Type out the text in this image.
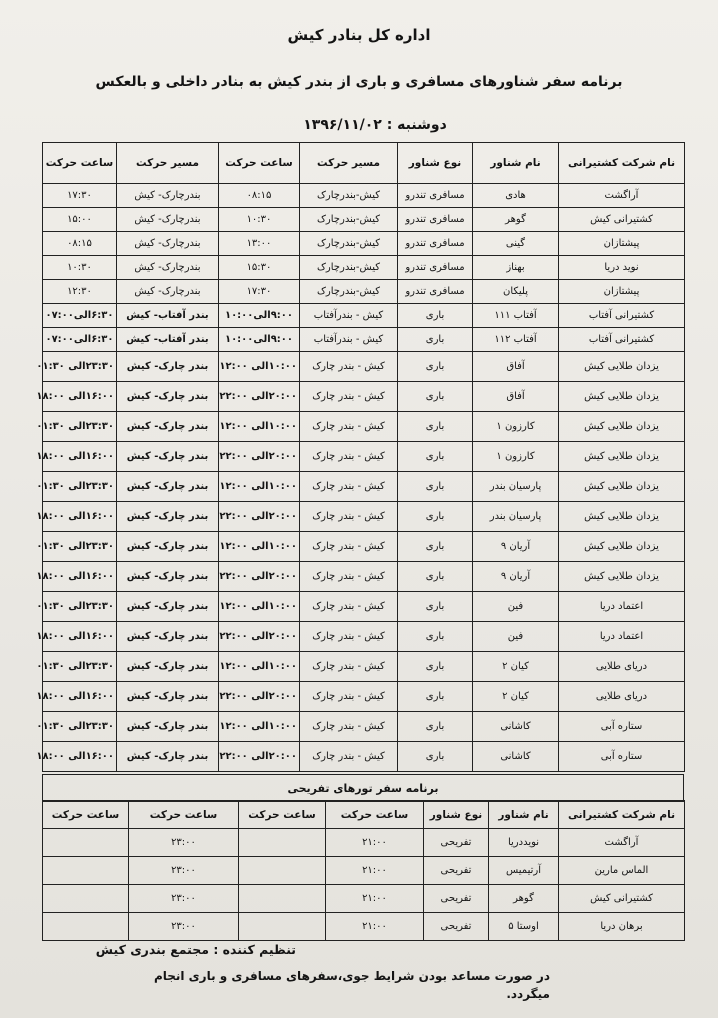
اداره کل بنادر کیش
برنامه سفر شناورهای مسافری و باری از بندر کیش به بنادر داخلی و بالعکس
دوشنبه : ۱۳۹۶/۱۱/۰۲
نام شرکت کشتیرانی	نام شناور	نوع شناور	مسیر حرکت	ساعت حرکت	مسیر حرکت	ساعت حرکت
آراگشت	هادی	مسافری تندرو	کیش-بندرچارک	۰۸:۱۵	بندرچارک- کیش	۱۷:۳۰
کشتیرانی کیش	گوهر	مسافری تندرو	کیش-بندرچارک	۱۰:۳۰	بندرچارک- کیش	۱۵:۰۰
پیشتازان	گینی	مسافری تندرو	کیش-بندرچارک	۱۳:۰۰	بندرچارک- کیش	۰۸:۱۵
نوید دریا	بهناز	مسافری تندرو	کیش-بندرچارک	۱۵:۳۰	بندرچارک- کیش	۱۰:۳۰
پیشتازان	پلیکان	مسافری تندرو	کیش-بندرچارک	۱۷:۳۰	بندرچارک- کیش	۱۲:۳۰
کشتیرانی آفتاب	آفتاب ۱۱۱	باری	کیش - بندرآفتاب	۹:۰۰الی۱۰:۰۰	بندر آفتاب- کیش	۶:۳۰الی۰۷:۰۰
کشتیرانی آفتاب	آفتاب ۱۱۲	باری	کیش - بندرآفتاب	۹:۰۰الی۱۰:۰۰	بندر آفتاب- کیش	۶:۳۰الی۰۷:۰۰
یزدان طلایی کیش	آفاق	باری	کیش - بندر چارک	۱۰:۰۰الی ۱۲:۰۰	بندر چارک- کیش	۲۳:۳۰الی ۰۱:۳۰
یزدان طلایی کیش	آفاق	باری	کیش - بندر چارک	۲۰:۰۰الی ۲۲:۰۰	بندر چارک- کیش	۱۶:۰۰الی ۱۸:۰۰
یزدان طلایی کیش	کارزون ۱	باری	کیش - بندر چارک	۱۰:۰۰الی ۱۲:۰۰	بندر چارک- کیش	۲۳:۳۰الی ۰۱:۳۰
یزدان طلایی کیش	کارزون ۱	باری	کیش - بندر چارک	۲۰:۰۰الی ۲۲:۰۰	بندر چارک- کیش	۱۶:۰۰الی ۱۸:۰۰
یزدان طلایی کیش	پارسیان بندر	باری	کیش - بندر چارک	۱۰:۰۰الی ۱۲:۰۰	بندر چارک- کیش	۲۳:۳۰الی ۰۱:۳۰
یزدان طلایی کیش	پارسیان بندر	باری	کیش - بندر چارک	۲۰:۰۰الی ۲۲:۰۰	بندر چارک- کیش	۱۶:۰۰الی ۱۸:۰۰
یزدان طلایی کیش	آریان ۹	باری	کیش - بندر چارک	۱۰:۰۰الی ۱۲:۰۰	بندر چارک- کیش	۲۳:۳۰الی ۰۱:۳۰
یزدان طلایی کیش	آریان ۹	باری	کیش - بندر چارک	۲۰:۰۰الی ۲۲:۰۰	بندر چارک- کیش	۱۶:۰۰الی ۱۸:۰۰
اعتماد دریا	فین	باری	کیش - بندر چارک	۱۰:۰۰الی ۱۲:۰۰	بندر چارک- کیش	۲۳:۳۰الی ۰۱:۳۰
اعتماد دریا	فین	باری	کیش - بندر چارک	۲۰:۰۰الی ۲۲:۰۰	بندر چارک- کیش	۱۶:۰۰الی ۱۸:۰۰
دریای طلایی	کیان ۲	باری	کیش - بندر چارک	۱۰:۰۰الی ۱۲:۰۰	بندر چارک- کیش	۲۳:۳۰الی ۰۱:۳۰
دریای طلایی	کیان ۲	باری	کیش - بندر چارک	۲۰:۰۰الی ۲۲:۰۰	بندر چارک- کیش	۱۶:۰۰الی ۱۸:۰۰
ستاره آبی	کاشانی	باری	کیش - بندر چارک	۱۰:۰۰الی ۱۲:۰۰	بندر چارک- کیش	۲۳:۳۰الی ۰۱:۳۰
ستاره آبی	کاشانی	باری	کیش - بندر چارک	۲۰:۰۰الی ۲۲:۰۰	بندر چارک- کیش	۱۶:۰۰الی ۱۸:۰۰
برنامه سفر تورهای تفریحی
نام شرکت کشتیرانی	نام شناور	نوع شناور	ساعت حرکت	ساعت حرکت	ساعت حرکت	ساعت حرکت
آراگشت	نویددریا	تفریحی	۲۱:۰۰		۲۳:۰۰	
الماس مارین	آرتیمیس	تفریحی	۲۱:۰۰		۲۳:۰۰	
کشتیرانی کیش	گوهر	تفریحی	۲۱:۰۰		۲۳:۰۰	
برهان دریا	اوستا ۵	تفریحی	۲۱:۰۰		۲۳:۰۰	
تنظیم کننده : مجتمع بندری کیش
در صورت مساعد بودن شرایط جوی،سفرهای مسافری و باری انجام میگردد.
